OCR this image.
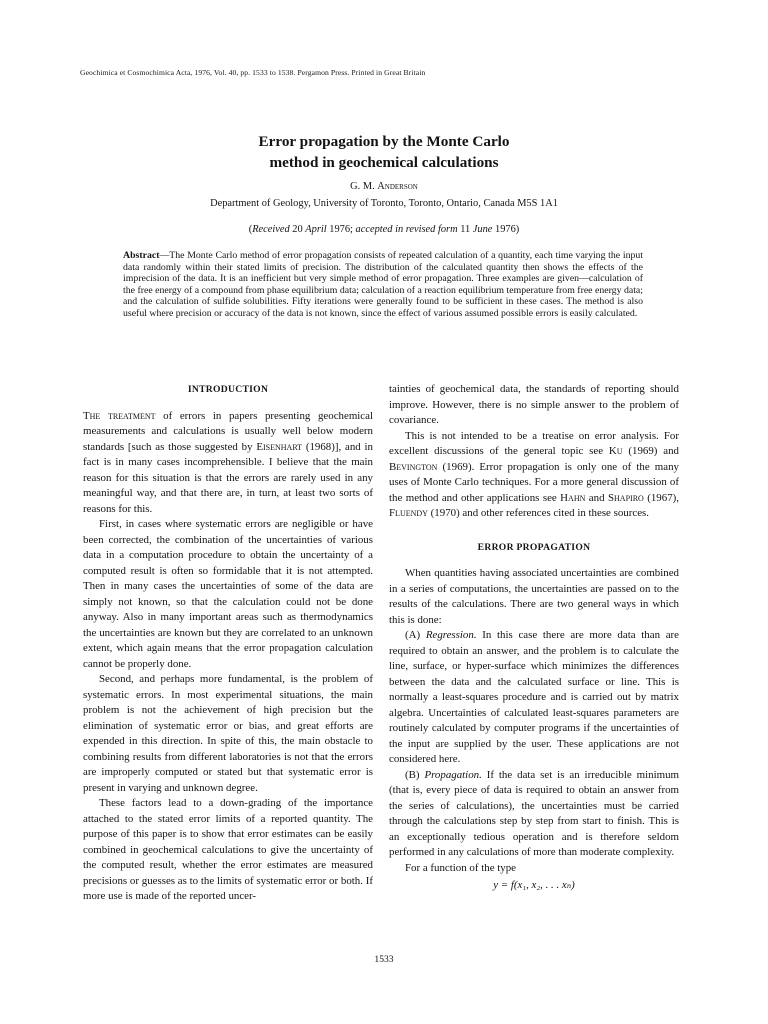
Geochimica et Cosmochimica Acta, 1976, Vol. 40, pp. 1533 to 1538. Pergamon Press. Printed in Great Britain
Error propagation by the Monte Carlo
method in geochemical calculations
G. M. Anderson
Department of Geology, University of Toronto, Toronto, Ontario, Canada M5S 1A1
(Received 20 April 1976; accepted in revised form 11 June 1976)
Abstract—The Monte Carlo method of error propagation consists of repeated calculation of a quantity, each time varying the input data randomly within their stated limits of precision. The distribution of the calculated quantity then shows the effects of the imprecision of the data. It is an inefficient but very simple method of error propagation. Three examples are given—calculation of the free energy of a compound from phase equilibrium data; calculation of a reaction equilibrium temperature from free energy data; and the calculation of sulfide solubilities. Fifty iterations were generally found to be sufficient in these cases. The method is also useful where precision or accuracy of the data is not known, since the effect of various assumed possible errors is easily calculated.
INTRODUCTION

The treatment of errors in papers presenting geochemical measurements and calculations is usually well below modern standards [such as those suggested by Eisenhart (1968)], and in fact is in many cases incomprehensible. I believe that the main reason for this situation is that the errors are rarely used in any meaningful way, and that there are, in turn, at least two sorts of reasons for this.

First, in cases where systematic errors are negligible or have been corrected, the combination of the uncertainties of various data in a computation procedure to obtain the uncertainty of a computed result is often so formidable that it is not attempted. Then in many cases the uncertainties of some of the data are simply not known, so that the calculation could not be done anyway. Also in many important areas such as thermodynamics the uncertainties are known but they are correlated to an unknown extent, which again means that the error propagation calculation cannot be properly done.

Second, and perhaps more fundamental, is the problem of systematic errors. In most experimental situations, the main problem is not the achievement of high precision but the elimination of systematic error or bias, and great efforts are expended in this direction. In spite of this, the main obstacle to combining results from different laboratories is not that the errors are improperly computed or stated but that systematic error is present in varying and unknown degree.

These factors lead to a down-grading of the importance attached to the stated error limits of a reported quantity. The purpose of this paper is to show that error estimates can be easily combined in geochemical calculations to give the uncertainty of the computed result, whether the error estimates are measured precisions or guesses as to the limits of systematic error or both. If more use is made of the reported uncer-

tainties of geochemical data, the standards of reporting should improve. However, there is no simple answer to the problem of covariance.

This is not intended to be a treatise on error analysis. For excellent discussions of the general topic see Ku (1969) and Bevington (1969). Error propagation is only one of the many uses of Monte Carlo techniques. For a more general discussion of the method and other applications see Hahn and Shapiro (1967), Fluendy (1970) and other references cited in these sources.

ERROR PROPAGATION

When quantities having associated uncertainties are combined in a series of computations, the uncertainties are passed on to the results of the calculations. There are two general ways in which this is done:

(A) Regression. In this case there are more data than are required to obtain an answer, and the problem is to calculate the line, surface, or hyper-surface which minimizes the differences between the data and the calculated surface or line. This is normally a least-squares procedure and is carried out by matrix algebra. Uncertainties of calculated least-squares parameters are routinely calculated by computer programs if the uncertainties of the input are supplied by the user. These applications are not considered here.

(B) Propagation. If the data set is an irreducible minimum (that is, every piece of data is required to obtain an answer from the series of calculations), the uncertainties must be carried through the calculations step by step from start to finish. This is an exceptionally tedious operation and is therefore seldom performed in any calculations of more than moderate complexity.

For a function of the type

y = f(x₁, x₂, . . . xₙ)
1533
